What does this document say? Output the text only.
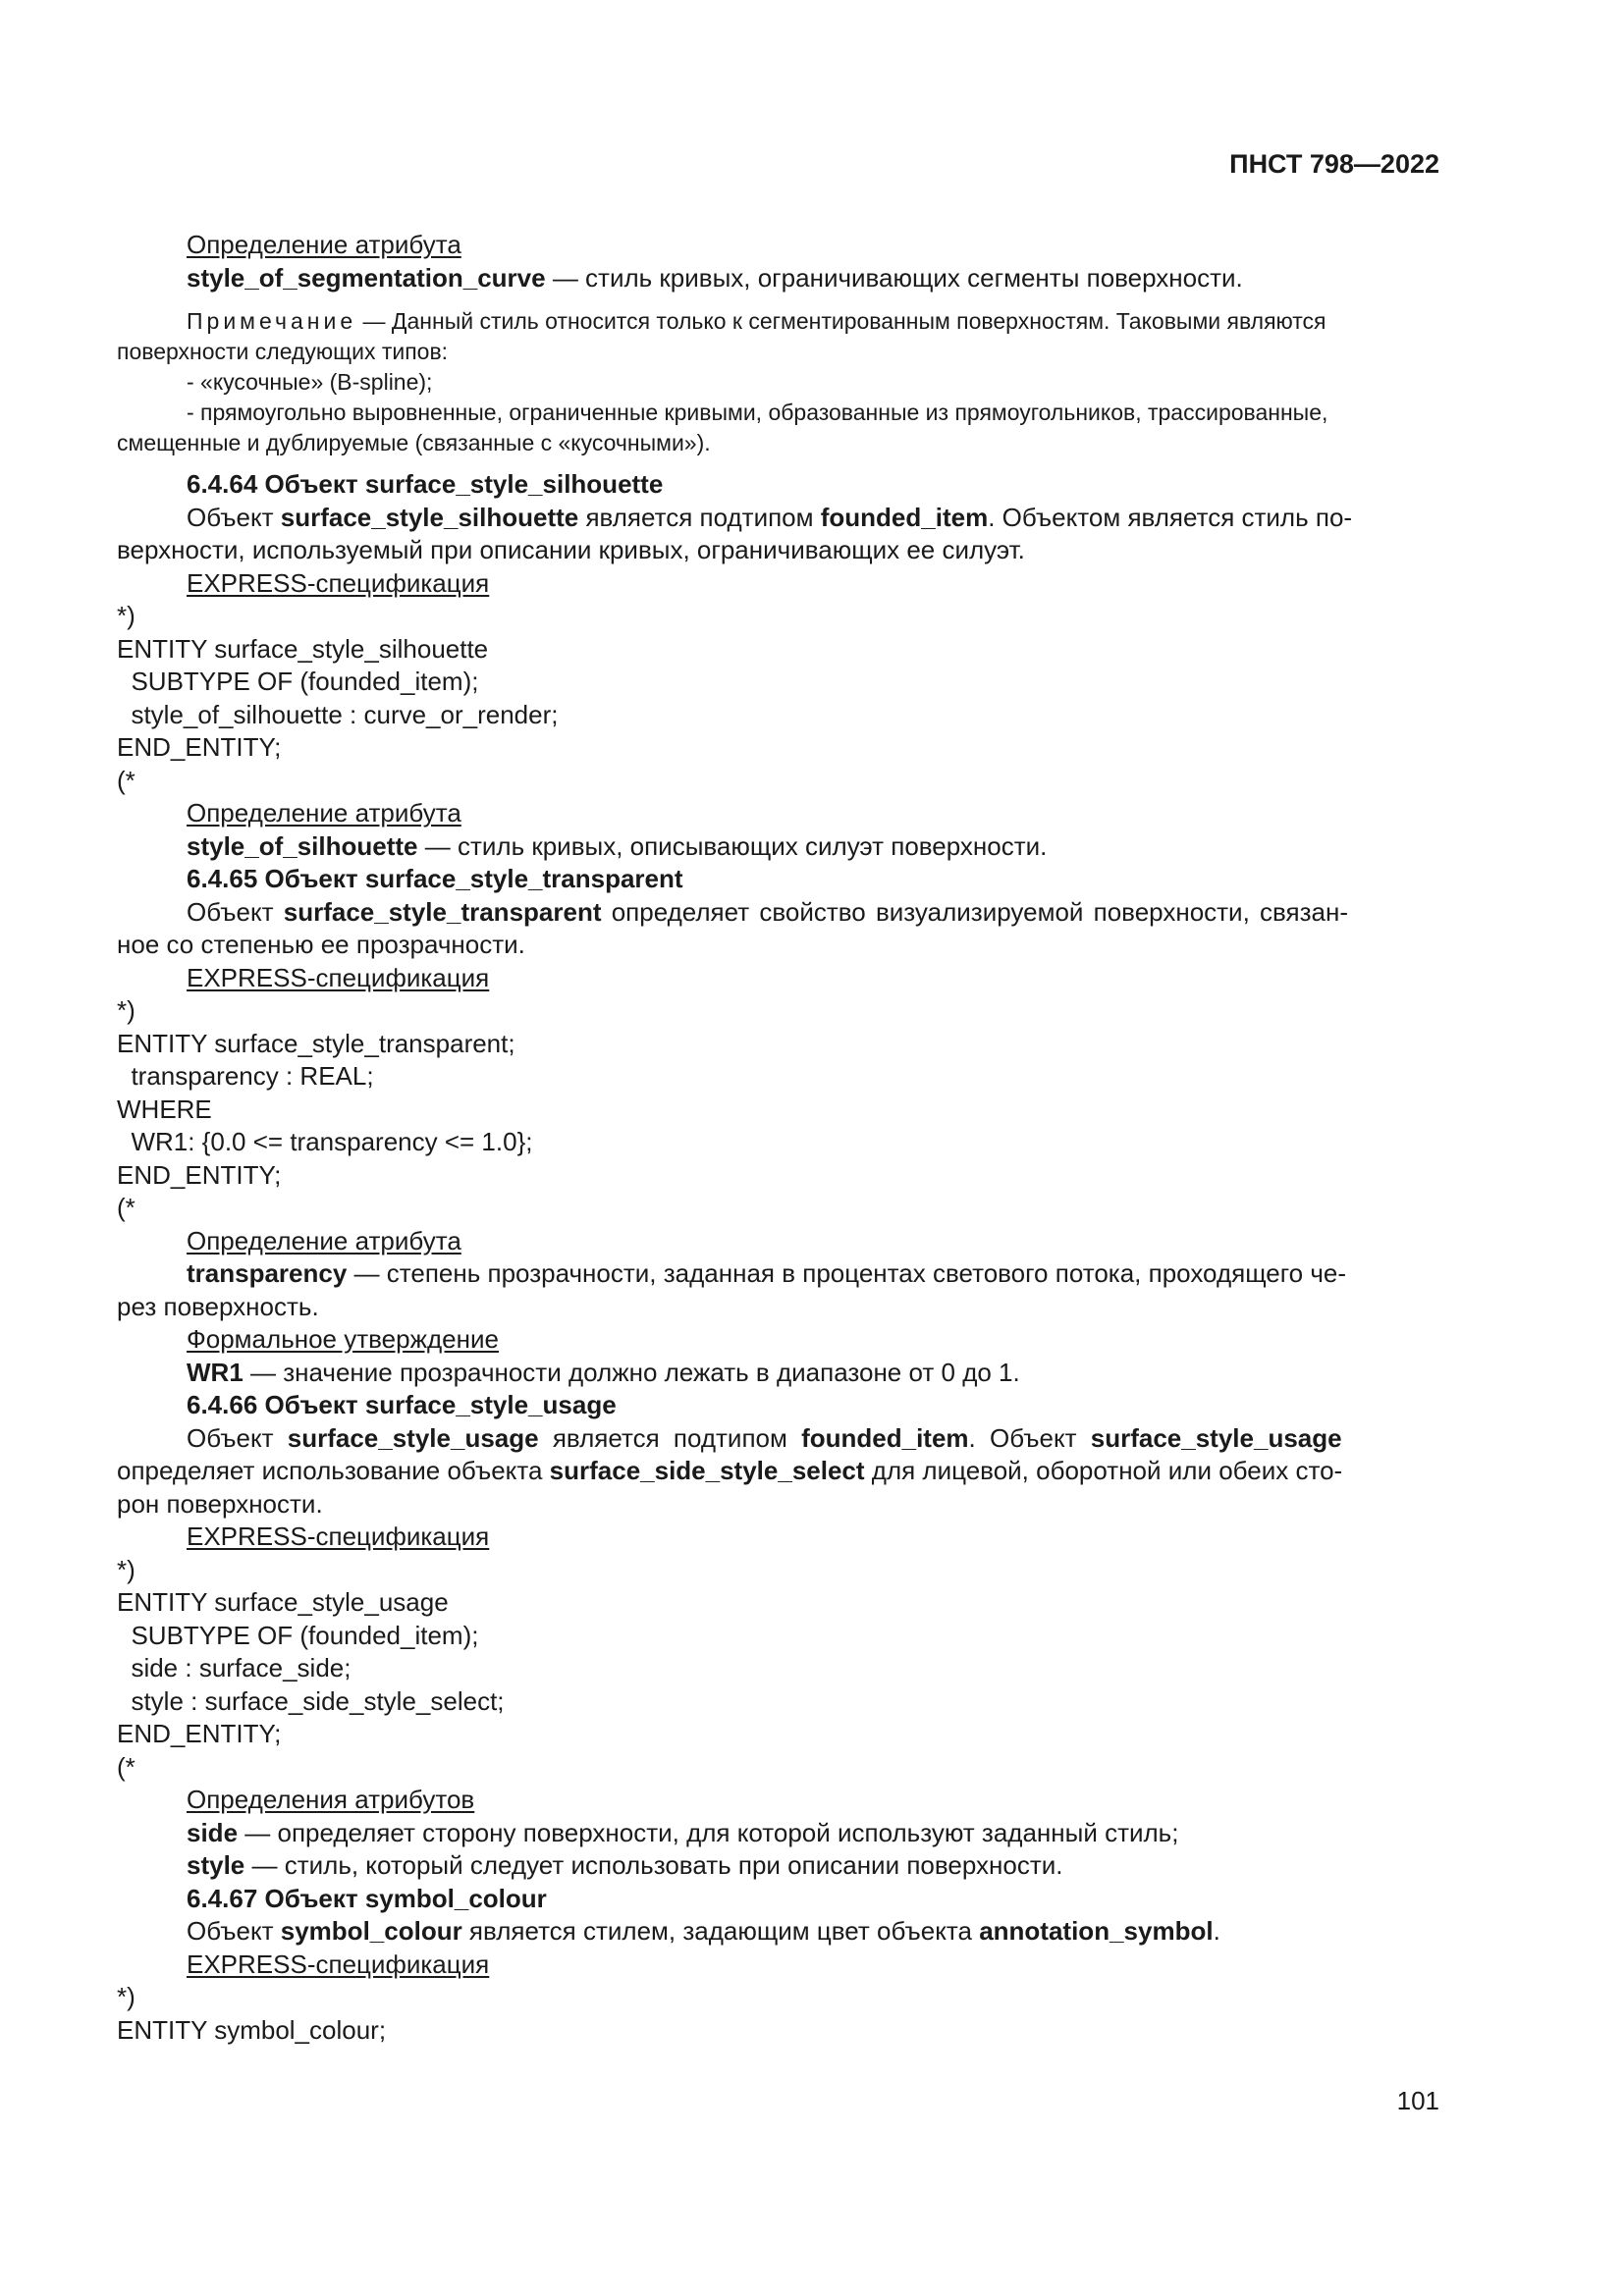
ПНСТ 798—2022
Определение атрибута
style_of_segmentation_curve — стиль кривых, ограничивающих сегменты поверхности.
Примечание — Данный стиль относится только к сегментированным поверхностям. Таковыми являются
поверхности следующих типов:
- «кусочные» (B-spline);
- прямоугольно выровненные, ограниченные кривыми, образованные из прямоугольников, трассированные,
смещенные и дублируемые (связанные с «кусочными»).
6.4.64 Объект surface_style_silhouette
Объект surface_style_silhouette является подтипом founded_item. Объектом является стиль по-
верхности, используемый при описании кривых, ограничивающих ее силуэт.
EXPRESS-спецификация
*)
ENTITY surface_style_silhouette
SUBTYPE OF (founded_item);
style_of_silhouette : curve_or_render;
END_ENTITY;
(*
Определение атрибута
style_of_silhouette — стиль кривых, описывающих силуэт поверхности.
6.4.65 Объект surface_style_transparent
Объект surface_style_transparent определяет свойство визуализируемой поверхности, связан-
ное со степенью ее прозрачности.
EXPRESS-спецификация
*)
ENTITY surface_style_transparent;
transparency : REAL;
WHERE
WR1: {0.0 <= transparency <= 1.0};
END_ENTITY;
(*
Определение атрибута
transparency — степень прозрачности, заданная в процентах светового потока, проходящего че-
рез поверхность.
Формальное утверждение
WR1 — значение прозрачности должно лежать в диапазоне от 0 до 1.
6.4.66 Объект surface_style_usage
Объект surface_style_usage является подтипом founded_item. Объект surface_style_usage
определяет использование объекта surface_side_style_select для лицевой, оборотной или обеих сто-
рон поверхности.
EXPRESS-спецификация
*)
ENTITY surface_style_usage
SUBTYPE OF (founded_item);
side : surface_side;
style : surface_side_style_select;
END_ENTITY;
(*
Определения атрибутов
side — определяет сторону поверхности, для которой используют заданный стиль;
style — стиль, который следует использовать при описании поверхности.
6.4.67 Объект symbol_colour
Объект symbol_colour является стилем, задающим цвет объекта annotation_symbol.
EXPRESS-спецификация
*)
ENTITY symbol_colour;
101
